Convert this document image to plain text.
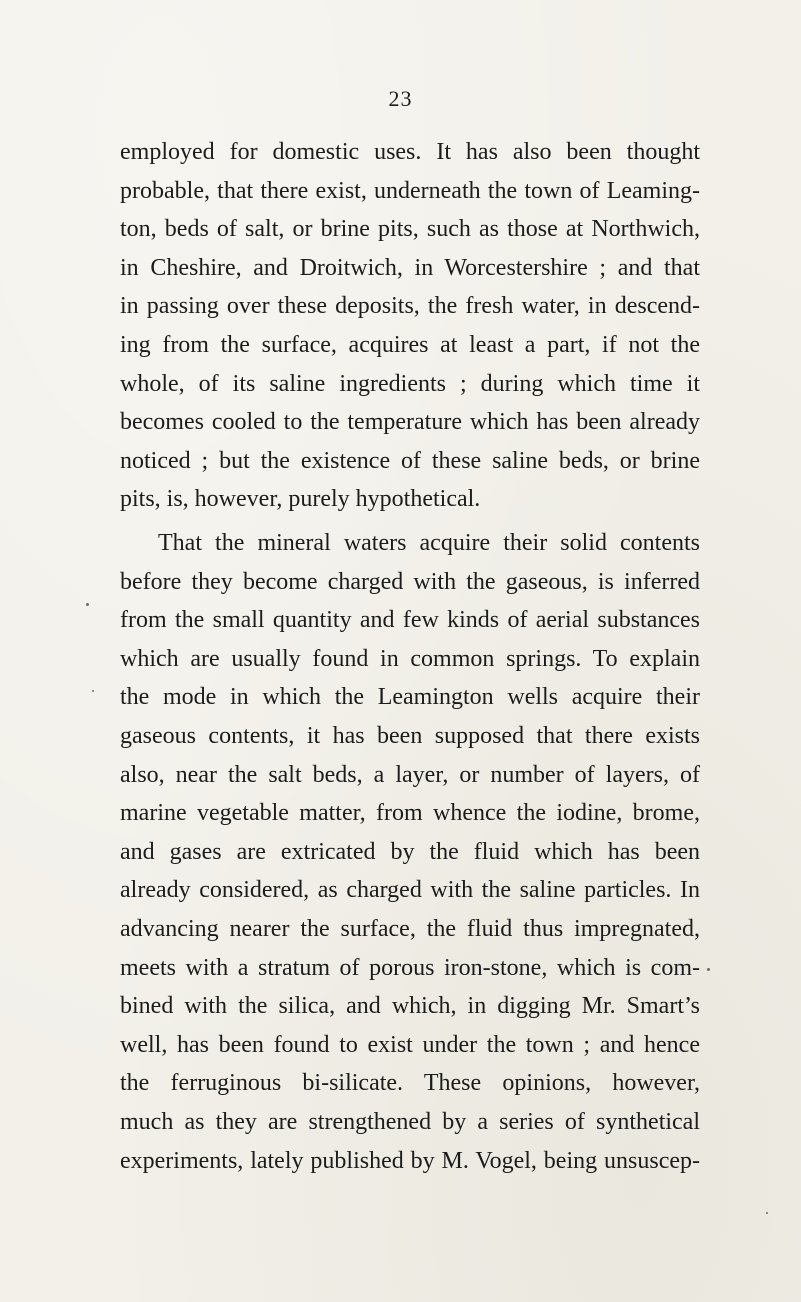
23
employed for domestic uses. It has also been thought
probable, that there exist, underneath the town of Leaming-
ton, beds of salt, or brine pits, such as those at Northwich,
in Cheshire, and Droitwich, in Worcestershire ; and that
in passing over these deposits, the fresh water, in descend-
ing from the surface, acquires at least a part, if not the
whole, of its saline ingredients ; during which time it
becomes cooled to the temperature which has been already
noticed ; but the existence of these saline beds, or brine
pits, is, however, purely hypothetical.
That the mineral waters acquire their solid contents
before they become charged with the gaseous, is inferred
from the small quantity and few kinds of aerial substances
which are usually found in common springs. To explain
the mode in which the Leamington wells acquire their
gaseous contents, it has been supposed that there exists
also, near the salt beds, a layer, or number of layers, of
marine vegetable matter, from whence the iodine, brome,
and gases are extricated by the fluid which has been
already considered, as charged with the saline particles. In
advancing nearer the surface, the fluid thus impregnated,
meets with a stratum of porous iron-stone, which is com-
bined with the silica, and which, in digging Mr. Smart’s
well, has been found to exist under the town ; and hence
the ferruginous bi-silicate. These opinions, however,
much as they are strengthened by a series of synthetical
experiments, lately published by M. Vogel, being unsuscep-
